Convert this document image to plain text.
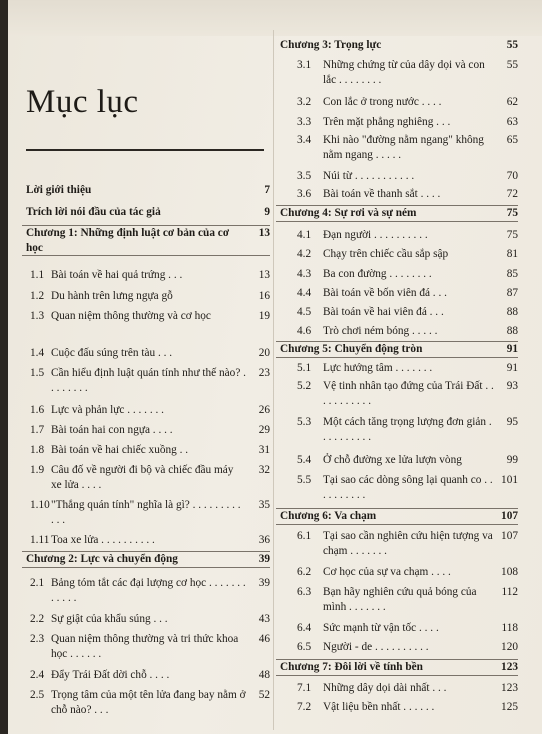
Mục lục
Lời giới thiệu	7
Trích lời nói đầu của tác giả	9
Chương 1: Những định luật cơ bản của cơ học
13
1.1 Bài toán về hai quả trứng . . .	13
1.2 Du hành trên lưng ngựa gỗ	16
1.3 Quan niệm thông thường và cơ học	19
1.4 Cuộc đấu súng trên tàu . . .	20
1.5 Cần hiểu định luật quán tính như thế nào? . . . . . . . .
23
1.6 Lực và phản lực . . . . . . .	26
1.7 Bài toán hai con ngựa . . . .	29
1.8 Bài toán về hai chiếc xuồng . .	31
1.9 Câu đố về người đi bộ và chiếc đầu máy xe lửa . . . .
32
1.10 "Thắng quán tính" nghĩa là gì? . . . . . . . . . . . .
35
1.11 Toa xe lửa . . . . . . . . . .	36
Chương 2: Lực và chuyển động	39
2.1 Bảng tóm tắt các đại lượng cơ học . . . . . . . . . . . .
39
2.2 Sự giật của khẩu súng . . .	43
2.3 Quan niệm thông thường và tri thức khoa học . . . . . .
46
2.4 Đẩy Trái Đất dời chỗ . . . .	48
2.5 Trọng tâm của một tên lửa đang bay nằm ở chỗ nào? . . .
52
Chương 3: Trọng lực	55
3.1	Những chứng từ của dây dọi và con lắc . . . . . . . .
55
3.2	Con lắc ở trong nước . . . .	62
3.3	Trên mặt phẳng nghiêng . . .	63
3.4	Khi nào "đường nằm ngang" không nằm ngang . . . . .
65
3.5	Núi từ . . . . . . . . . . .	70
3.6	Bài toán về thanh sắt . . . .	72
Chương 4: Sự rơi và sự ném	75
4.1	Đạn người . . . . . . . . . .	75
4.2	Chạy trên chiếc cầu sắp sập	81
4.3	Ba con đường . . . . . . . .	85
4.4	Bài toán về bốn viên đá . . .	87
4.5	Bài toán về hai viên đá . . .	88
4.6	Trò chơi ném bóng . . . . .	88
Chương 5: Chuyển động tròn	91
5.1	Lực hướng tâm . . . . . . .	91
5.2	Vệ tinh nhân tạo đứng của Trái Đất . . . . . . . . . . .
93
5.3	Một cách tăng trọng lượng đơn giản . . . . . . . . . .
95
5.4	Ở chỗ đường xe lửa lượn vòng	99
5.5	Tại sao các dòng sông lại quanh co . . . . . . . . . .
101
Chương 6: Va chạm	107
6.1	Tại sao cần nghiên cứu hiện tượng va chạm . . . . . . .
107
6.2	Cơ học của sự va chạm . . . .	108
6.3	Bạn hãy nghiên cứu quả bóng của mình . . . . . . .
112
6.4	Sức mạnh từ vận tốc . . . .	118
6.5	Người - de . . . . . . . . . .	120
Chương 7: Đôi lời về tính bền	123
7.1	Những dây dọi dài nhất . . .	123
7.2	Vật liệu bền nhất . . . . . .	125
